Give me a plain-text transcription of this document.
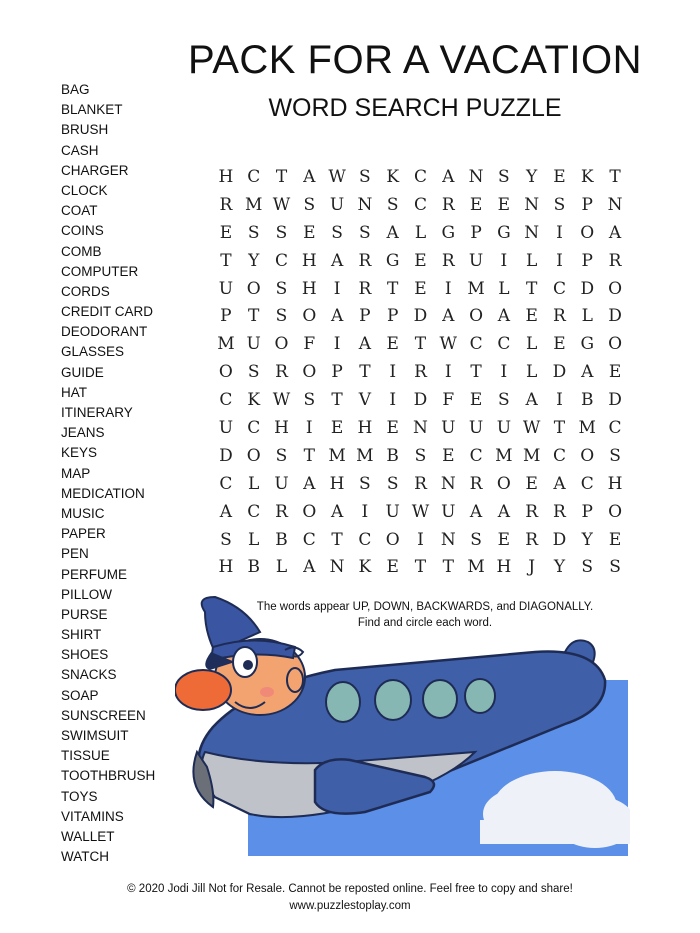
PACK FOR A VACATION
WORD SEARCH PUZZLE
BAG
BLANKET
BRUSH
CASH
CHARGER
CLOCK
COAT
COINS
COMB
COMPUTER
CORDS
CREDIT CARD
DEODORANT
GLASSES
GUIDE
HAT
ITINERARY
JEANS
KEYS
MAP
MEDICATION
MUSIC
PAPER
PEN
PERFUME
PILLOW
PURSE
SHIRT
SHOES
SNACKS
SOAP
SUNSCREEN
SWIMSUIT
TISSUE
TOOTHBRUSH
TOYS
VITAMINS
WALLET
WATCH
H C T A W S K C A N S Y E K T
R M W S U N S C R E E N S P N
E S S E S S A L G P G N	I	O A
T Y C H A R G E R U	I	L	I	P R
U O S H	I	R T E	I M L T C D O
P T S O A P P D A O A E R L D
M U O F	I	A E T W C C L E G O
O S R O P T	I	R	I	T	I	L D A E
C K W S T V	I	D F E S A	I	B D
U C H	I	E H E N U U U W T M C
D O S T M M B S E C M M C O S
C L U A H S S R N R O E A C H
A C R O A	I	U W U A A R R P O
S L B C T C O	I	N S E R D Y E
H B L A N K E T T M H J	Y S S
The words appear UP, DOWN, BACKWARDS, and DIAGONALLY.
Find and circle each word.
© 2020 Jodi Jill Not for Resale. Cannot be reposted online. Feel free to copy and share!
www.puzzlestoplay.com
